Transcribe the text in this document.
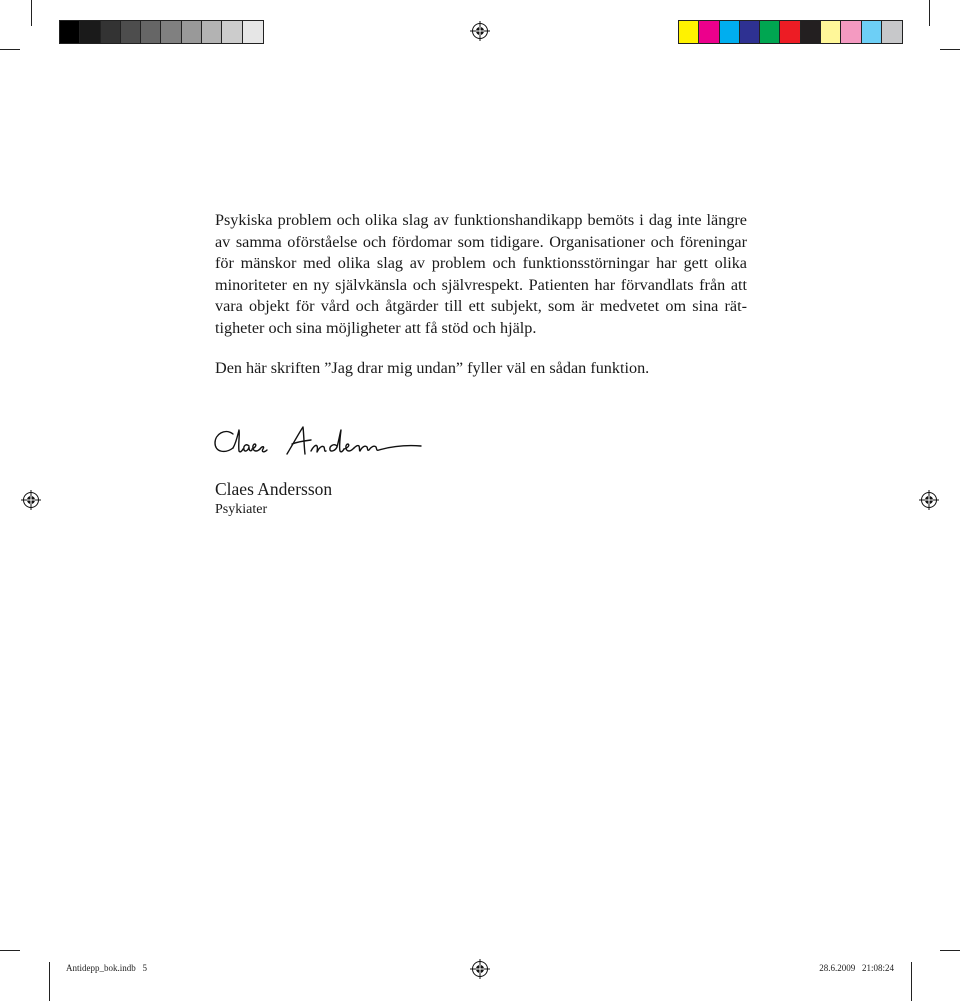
Psykiska problem och olika slag av funktionshandikapp bemöts i dag inte längre av samma oförståelse och fördomar som tidigare. Organisationer och föreningar för mänskor med olika slag av problem och funktionsstörningar har gett olika minoriteter en ny självkänsla och självrespekt. Patienten har förvandlats från att vara objekt för vård och åtgärder till ett subjekt, som är medvetet om sina rättigheter och sina möjligheter att få stöd och hjälp.

Den här skriften ”Jag drar mig undan” fyller väl en sådan funktion.

Claes Andersson
Psykiater
Antidepp_bok.indb   5	28.6.2009   21:08:24
